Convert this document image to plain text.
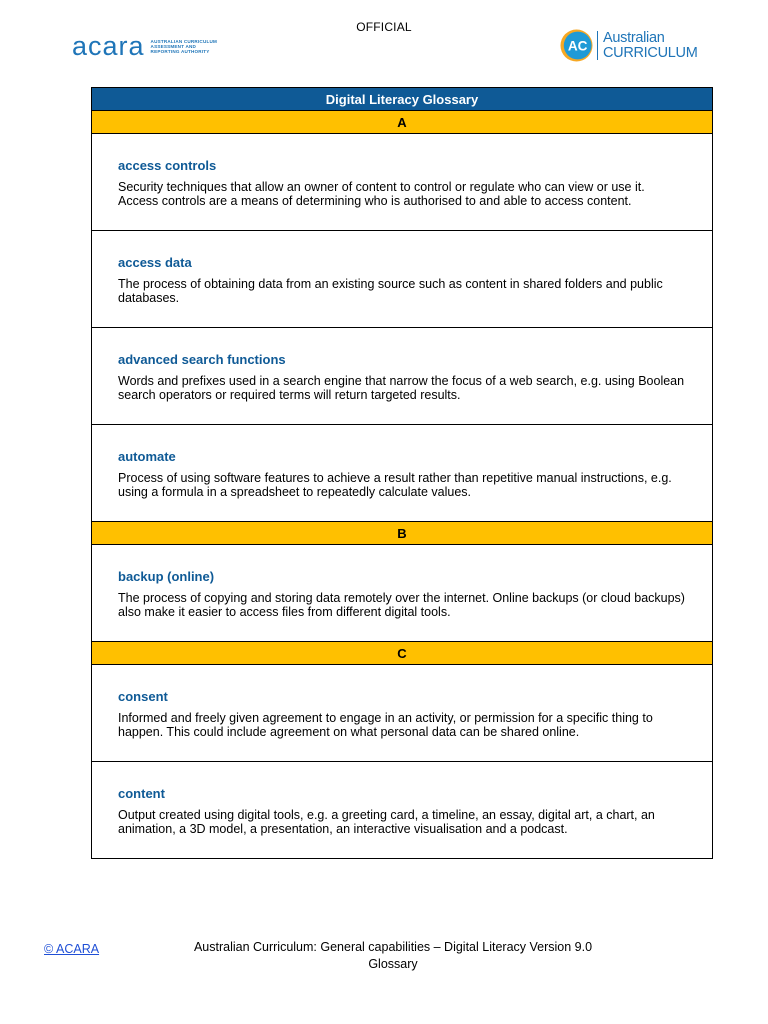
OFFICIAL
acara AUSTRALIAN CURRICULUM ASSESSMENT AND REPORTING AUTHORITY	AC
Australian
CURRICULUM
Digital Literacy Glossary
A

access controls
Security techniques that allow an owner of content to control or regulate who can view or use it. Access controls are a means of determining who is authorised to and able to access content.

access data
The process of obtaining data from an existing source such as content in shared folders and public databases.

advanced search functions
Words and prefixes used in a search engine that narrow the focus of a web search, e.g. using Boolean search operators or required terms will return targeted results.

automate
Process of using software features to achieve a result rather than repetitive manual instructions, e.g. using a formula in a spreadsheet to repeatedly calculate values.

B

backup (online)
The process of copying and storing data remotely over the internet. Online backups (or cloud backups) also make it easier to access files from different digital tools.

C

consent
Informed and freely given agreement to engage in an activity, or permission for a specific thing to happen. This could include agreement on what personal data can be shared online.

content
Output created using digital tools, e.g. a greeting card, a timeline, an essay, digital art, a chart, an animation, a 3D model, a presentation, an interactive visualisation and a podcast.
© ACARA	Australian Curriculum: General capabilities – Digital Literacy Version 9.0
Glossary
